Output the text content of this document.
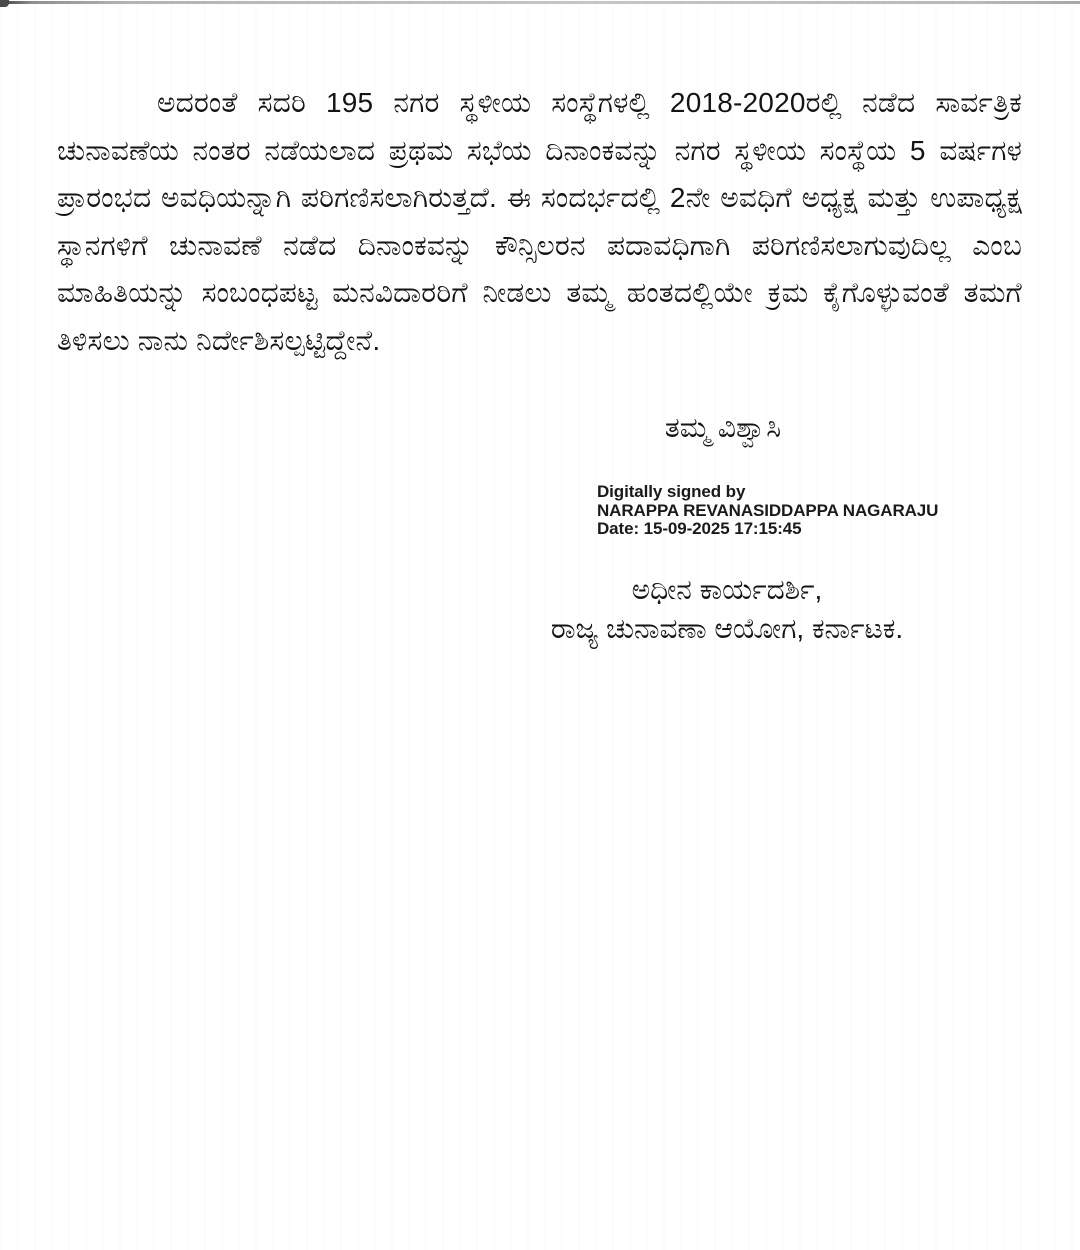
ಅದರಂತೆ ಸದರಿ 195 ನಗರ ಸ್ಥಳೀಯ ಸಂಸ್ಥೆಗಳಲ್ಲಿ 2018-2020ರಲ್ಲಿ ನಡೆದ ಸಾರ್ವತ್ರಿಕ ಚುನಾವಣೆಯ ನಂತರ ನಡೆಯಲಾದ ಪ್ರಥಮ ಸಭೆಯ ದಿನಾಂಕವನ್ನು ನಗರ ಸ್ಥಳೀಯ ಸಂಸ್ಥೆಯ 5 ವರ್ಷಗಳ ಪ್ರಾರಂಭದ ಅವಧಿಯನ್ನಾಗಿ ಪರಿಗಣಿಸಲಾಗಿರುತ್ತದೆ. ಈ ಸಂದರ್ಭದಲ್ಲಿ 2ನೇ ಅವಧಿಗೆ ಅಧ್ಯಕ್ಷ ಮತ್ತು ಉಪಾಧ್ಯಕ್ಷ ಸ್ಥಾನಗಳಿಗೆ ಚುನಾವಣೆ ನಡೆದ ದಿನಾಂಕವನ್ನು ಕೌನ್ಸಿಲರನ ಪದಾವಧಿಗಾಗಿ ಪರಿಗಣಿಸಲಾಗುವುದಿಲ್ಲ ಎಂಬ ಮಾಹಿತಿಯನ್ನು ಸಂಬಂಧಪಟ್ಟ ಮನವಿದಾರರಿಗೆ ನೀಡಲು ತಮ್ಮ ಹಂತದಲ್ಲಿಯೇ ಕ್ರಮ ಕೈಗೊಳ್ಳುವಂತೆ ತಮಗೆ ತಿಳಿಸಲು ನಾನು ನಿರ್ದೇಶಿಸಲ್ಪಟ್ಟಿದ್ದೇನೆ.

ತಮ್ಮ ವಿಶ್ವಾಸಿ
Digitally signed by
NARAPPA REVANASIDDAPPA NAGARAJU
Date: 15-09-2025 17:15:45
ಅಧೀನ ಕಾರ್ಯದರ್ಶಿ,
ರಾಜ್ಯ ಚುನಾವಣಾ ಆಯೋಗ, ಕರ್ನಾಟಕ.
